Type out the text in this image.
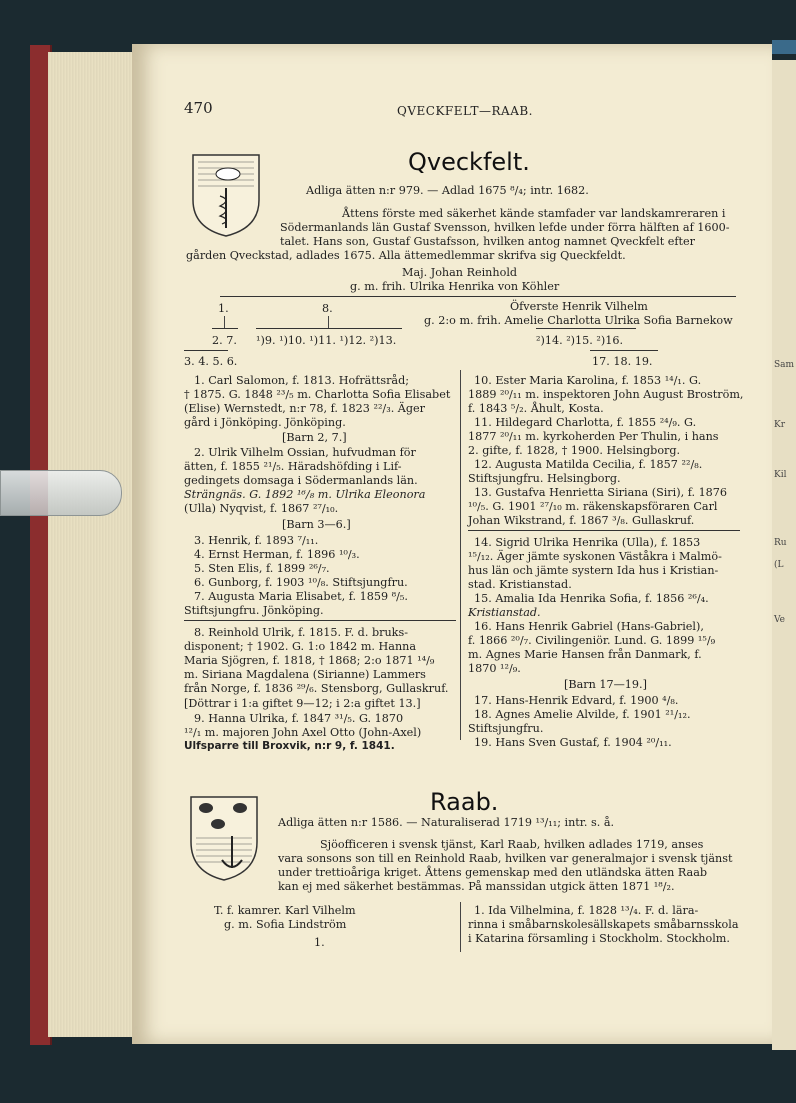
Sam
Kr
Kil
Ru
(L
Ve
470	QVECKFELT—RAAB.
Qveckfelt.
Adliga ätten n:r 979. — Adlad 1675 ⁸/₄; intr. 1682.
Åttens förste med säkerhet kände stamfader var landskamreraren i
Södermanlands län Gustaf Svensson, hvilken lefde under förra hälften af 1600-
talet. Hans son, Gustaf Gustafsson, hvilken antog namnet Qveckfelt efter
gården Qveckstad, adlades 1675. Alla ättemedlemmar skrifva sig Queckfeldt.
Maj. Johan Reinhold
g. m. frih. Ulrika Henrika von Köhler
1.	8.	Öfverste Henrik Vilhelm
g. 2:o m. frih. Amelie Charlotta Ulrika Sofia Barnekow
2. 7. ¹)9. ¹)10. ¹)11. ¹)12. ²)13.	²)14. ²)15. ²)16.
3. 4. 5. 6.	17. 18. 19.
1. Carl Salomon, f. 1813. Hofrättsråd;
† 1875. G. 1848 ²³/₅ m. Charlotta Sofia Elisabet
(Elise) Wernstedt, n:r 78, f. 1823 ²²/₃. Äger
gård i Jönköping. Jönköping.
[Barn 2, 7.]
2. Ulrik Vilhelm Ossian, hufvudman för
ätten, f. 1855 ²¹/₅. Häradshöfding i Lif-
gedingets domsaga i Södermanlands län.
Strängnäs. G. 1892 ¹⁶/₈ m. Ulrika Eleonora
(Ulla) Nyqvist, f. 1867 ²⁷/₁₀.
[Barn 3—6.]
3. Henrik, f. 1893 ⁷/₁₁.
4. Ernst Herman, f. 1896 ¹⁰/₃.
5. Sten Elis, f. 1899 ²⁶/₇.
6. Gunborg, f. 1903 ¹⁰/₈. Stiftsjungfru.
7. Augusta Maria Elisabet, f. 1859 ⁸/₅.
Stiftsjungfru. Jönköping.
8. Reinhold Ulrik, f. 1815. F. d. bruks-
disponent; † 1902. G. 1:o 1842 m. Hanna
Maria Sjögren, f. 1818, † 1868; 2:o 1871 ¹⁴/₉
m. Siriana Magdalena (Sirianne) Lammers
från Norge, f. 1836 ²⁹/₆. Stensborg, Gullaskruf.
[Döttrar i 1:a giftet 9—12; i 2:a giftet 13.]
9. Hanna Ulrika, f. 1847 ³¹/₅. G. 1870
¹²/₁ m. majoren John Axel Otto (John-Axel)
Ulfsparre till Broxvik, n:r 9, f. 1841.
10. Ester Maria Karolina, f. 1853 ¹⁴/₁. G.
1889 ²⁰/₁₁ m. inspektoren John August Broström,
f. 1843 ⁵/₂. Åhult, Kosta.
11. Hildegard Charlotta, f. 1855 ²⁴/₉. G.
1877 ²⁰/₁₁ m. kyrkoherden Per Thulin, i hans
2. gifte, f. 1828, † 1900. Helsingborg.
12. Augusta Matilda Cecilia, f. 1857 ²²/₈.
Stiftsjungfru. Helsingborg.
13. Gustafva Henrietta Siriana (Siri), f. 1876
¹⁰/₅. G. 1901 ²⁷/₁₀ m. räkenskapsföraren Carl
Johan Wikstrand, f. 1867 ³/₈. Gullaskruf.
14. Sigrid Ulrika Henrika (Ulla), f. 1853
¹⁵/₁₂. Äger jämte syskonen Väståkra i Malmö-
hus län och jämte systern Ida hus i Kristian-
stad. Kristianstad.
15. Amalia Ida Henrika Sofia, f. 1856 ²⁶/₄.
Kristianstad.
16. Hans Henrik Gabriel (Hans-Gabriel),
f. 1866 ²⁰/₇. Civilingeniör. Lund. G. 1899 ¹⁵/₉
m. Agnes Marie Hansen från Danmark, f.
1870 ¹²/₉.
[Barn 17—19.]
17. Hans-Henrik Edvard, f. 1900 ⁴/₈.
18. Agnes Amelie Alvilde, f. 1901 ²¹/₁₂.
Stiftsjungfru.
19. Hans Sven Gustaf, f. 1904 ²⁰/₁₁.
Raab.
Adliga ätten n:r 1586. — Naturaliserad 1719 ¹³/₁₁; intr. s. å.
Sjöofficeren i svensk tjänst, Karl Raab, hvilken adlades 1719, anses
vara sonsons son till en Reinhold Raab, hvilken var generalmajor i svensk tjänst
under trettioåriga kriget. Åttens gemenskap med den utländska ätten Raab
kan ej med säkerhet bestämmas. På manssidan utgick ätten 1871 ¹⁸/₂.
T. f. kamrer. Karl Vilhelm
g. m. Sofia Lindström
1.
1. Ida Vilhelmina, f. 1828 ¹³/₄. F. d. lära-
rinna i småbarnskolesällskapets småbarnsskola
i Katarina församling i Stockholm. Stockholm.
